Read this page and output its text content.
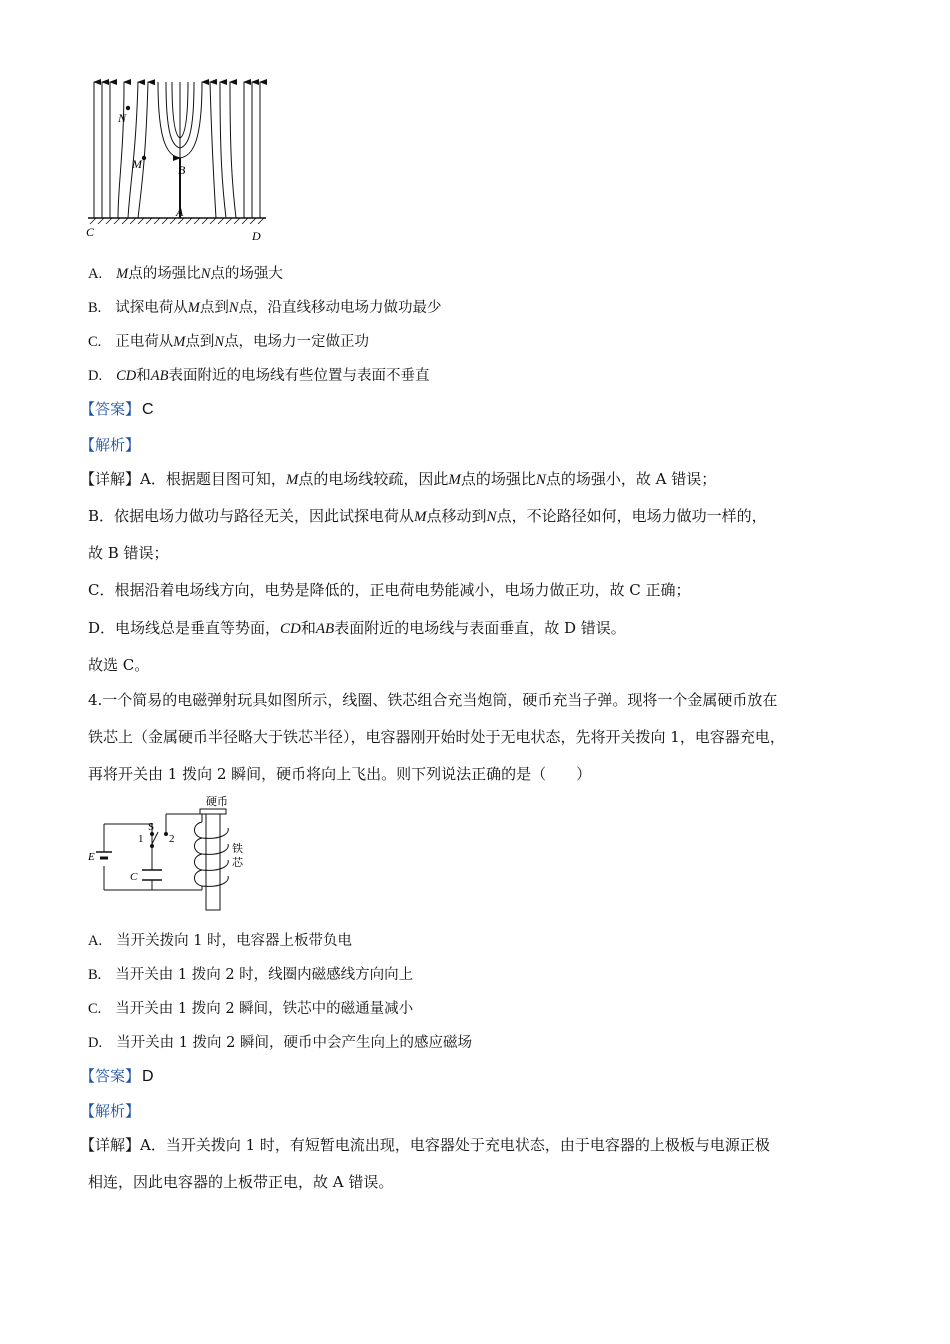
N
M	B
A
C	D
A. M点的场强比N点的场强大
B. 试探电荷从M点到N点，沿直线移动电场力做功最少
C. 正电荷从M点到N点，电场力一定做正功
D. CD和AB表面附近的电场线有些位置与表面不垂直
【答案】 C
【解析】
【详解】A．根据题目图可知，M点的电场线较疏，因此M点的场强比N点的场强小，故 A 错误；
B．依据电场力做功与路径无关，因此试探电荷从M点移动到N点，不论路径如何，电场力做功一样的，
故 B 错误；
C．根据沿着电场线方向，电势是降低的，正电荷电势能减小，电场力做正功，故 C 正确；
D．电场线总是垂直等势面，CD和AB表面附近的电场线与表面垂直，故 D 错误。
故选 C。
4.一个简易的电磁弹射玩具如图所示，线圈、铁芯组合充当炮筒，硬币充当子弹。现将一个金属硬币放在
铁芯上（金属硬币半径略大于铁芯半径），电容器刚开始时处于无电状态，先将开关拨向 1，电容器充电，
再将开关由 1 拨向 2 瞬间，硬币将向上飞出。则下列说法正确的是（　　）
硬币
铁
芯
S
1 2
E
C
A. 当开关拨向 1 时，电容器上板带负电
B. 当开关由 1 拨向 2 时，线圈内磁感线方向向上
C. 当开关由 1 拨向 2 瞬间，铁芯中的磁通量减小
D. 当开关由 1 拨向 2 瞬间，硬币中会产生向上的感应磁场
【答案】 D
【解析】
【详解】A．当开关拨向 1 时，有短暂电流出现，电容器处于充电状态，由于电容器的上极板与电源正极
相连，因此电容器的上板带正电，故 A 错误。
